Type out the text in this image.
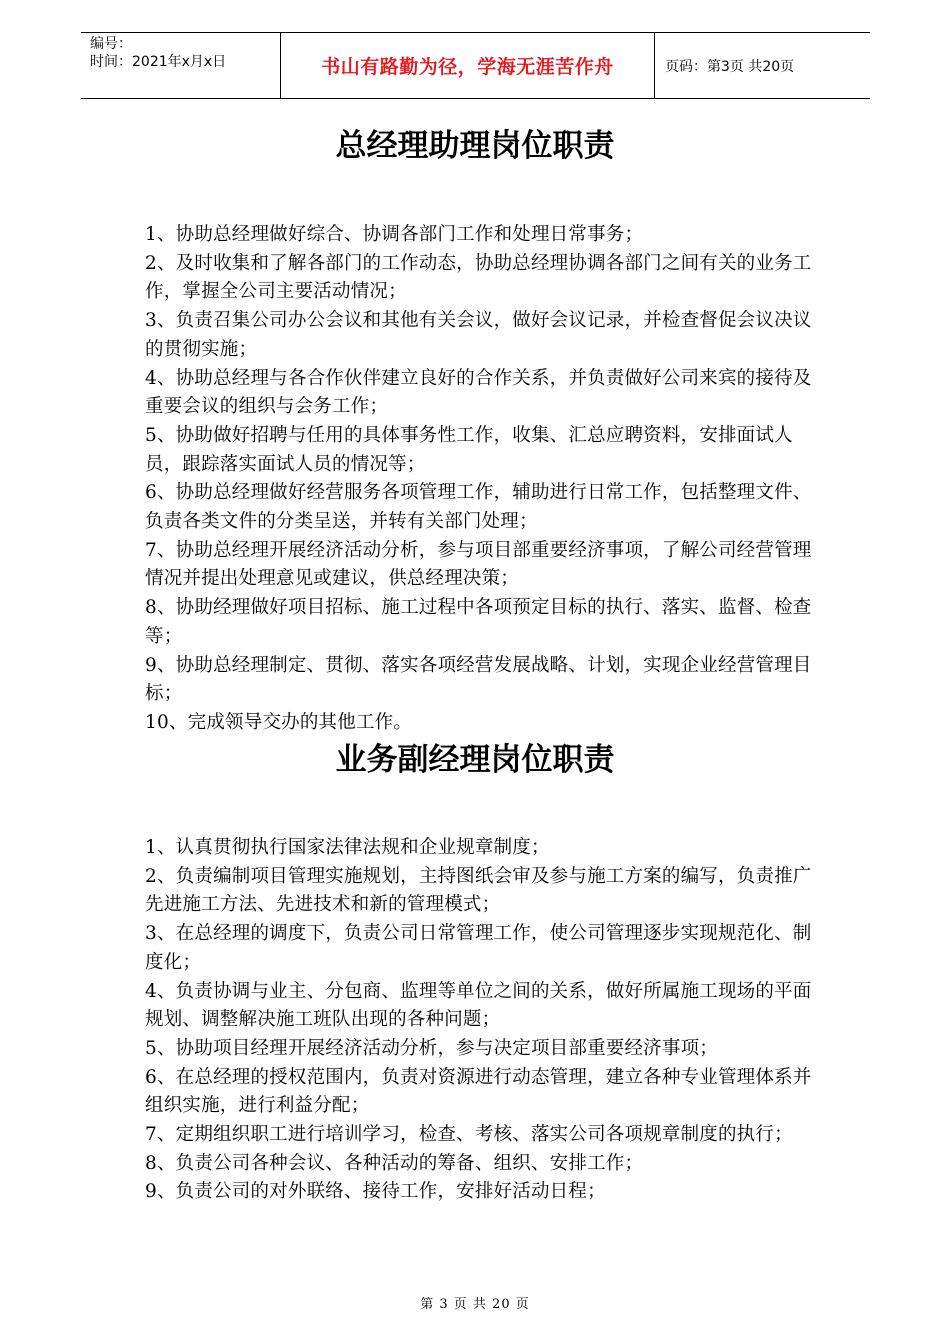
编号：
时间：2021年x月x日	书山有路勤为径，学海无涯苦作舟	页码：第3页 共20页
总经理助理岗位职责
1、协助总经理做好综合、协调各部门工作和处理日常事务；
2、及时收集和了解各部门的工作动态，协助总经理协调各部门之间有关的业务工作，掌握全公司主要活动情况；
3、负责召集公司办公会议和其他有关会议，做好会议记录，并检查督促会议决议的贯彻实施；
4、协助总经理与各合作伙伴建立良好的合作关系，并负责做好公司来宾的接待及重要会议的组织与会务工作；
5、协助做好招聘与任用的具体事务性工作，收集、汇总应聘资料，安排面试人员，跟踪落实面试人员的情况等；
6、协助总经理做好经营服务各项管理工作，辅助进行日常工作，包括整理文件、负责各类文件的分类呈送，并转有关部门处理；
7、协助总经理开展经济活动分析，参与项目部重要经济事项，了解公司经营管理情况并提出处理意见或建议，供总经理决策；
8、协助经理做好项目招标、施工过程中各项预定目标的执行、落实、监督、检查等；
9、协助总经理制定、贯彻、落实各项经营发展战略、计划，实现企业经营管理目标；
10、完成领导交办的其他工作。
业务副经理岗位职责
1、认真贯彻执行国家法律法规和企业规章制度；
2、负责编制项目管理实施规划，主持图纸会审及参与施工方案的编写，负责推广先进施工方法、先进技术和新的管理模式；
3、在总经理的调度下，负责公司日常管理工作，使公司管理逐步实现规范化、制度化；
4、负责协调与业主、分包商、监理等单位之间的关系，做好所属施工现场的平面规划、调整解决施工班队出现的各种问题；
5、协助项目经理开展经济活动分析，参与决定项目部重要经济事项；
6、在总经理的授权范围内，负责对资源进行动态管理，建立各种专业管理体系并组织实施，进行利益分配；
7、定期组织职工进行培训学习，检查、考核、落实公司各项规章制度的执行；
8、负责公司各种会议、各种活动的筹备、组织、安排工作；
9、负责公司的对外联络、接待工作，安排好活动日程；
第 3 页 共 20 页
